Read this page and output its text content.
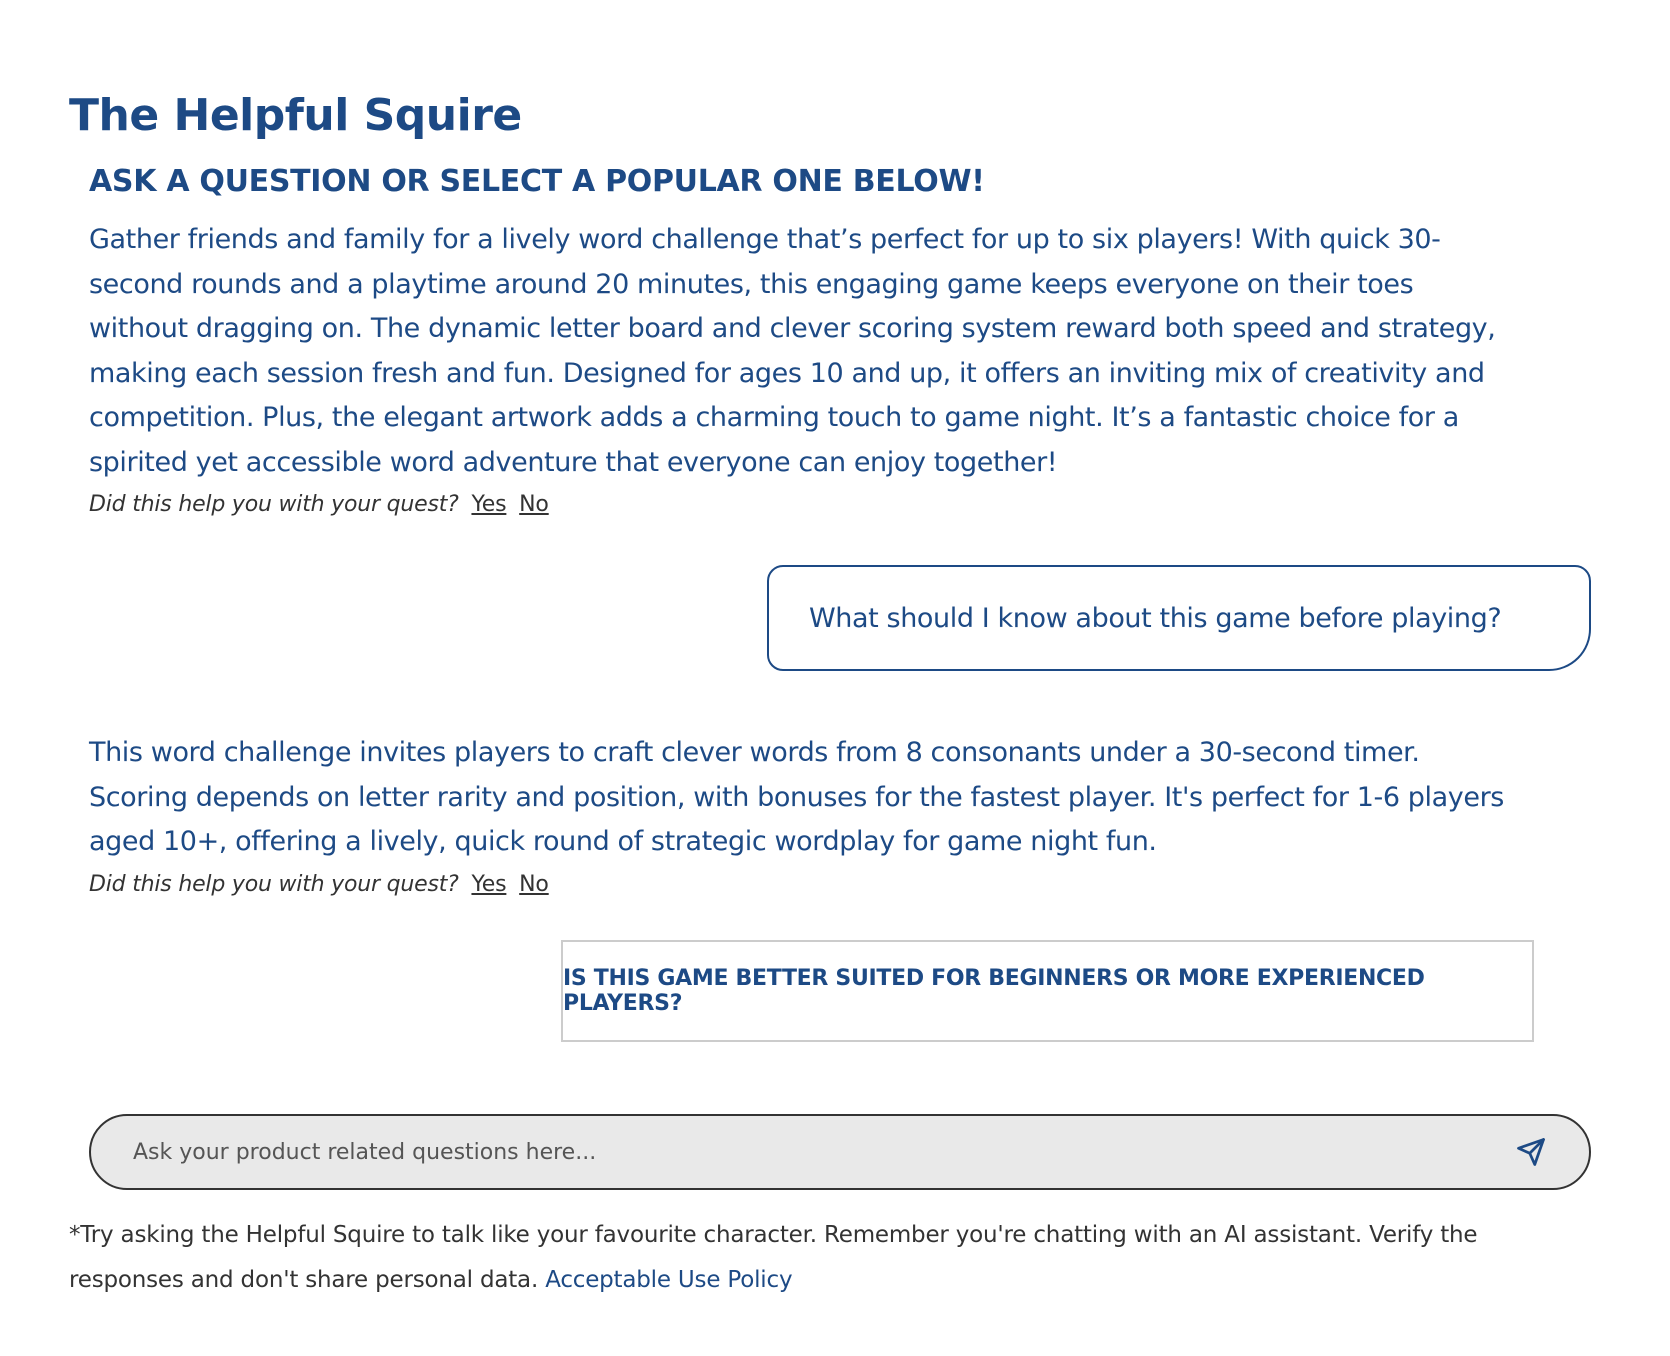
The Helpful Squire
ASK A QUESTION OR SELECT A POPULAR ONE BELOW!
Gather friends and family for a lively word challenge that’s perfect for up to six players! With quick 30-second rounds and a playtime around 20 minutes, this engaging game keeps everyone on their toes without dragging on. The dynamic letter board and clever scoring system reward both speed and strategy, making each session fresh and fun. Designed for ages 10 and up, it offers an inviting mix of creativity and competition. Plus, the elegant artwork adds a charming touch to game night. It’s a fantastic choice for a spirited yet accessible word adventure that everyone can enjoy together!
Did this help you with your quest? Yes No
What should I know about this game before playing?
This word challenge invites players to craft clever words from 8 consonants under a 30-second timer. Scoring depends on letter rarity and position, with bonuses for the fastest player. It's perfect for 1-6 players aged 10+, offering a lively, quick round of strategic wordplay for game night fun.
Did this help you with your quest? Yes No
IS THIS GAME BETTER SUITED FOR BEGINNERS OR MORE EXPERIENCED PLAYERS?
Ask your product related questions here...
*Try asking the Helpful Squire to talk like your favourite character. Remember you're chatting with an AI assistant. Verify the responses and don't share personal data. Acceptable Use Policy
